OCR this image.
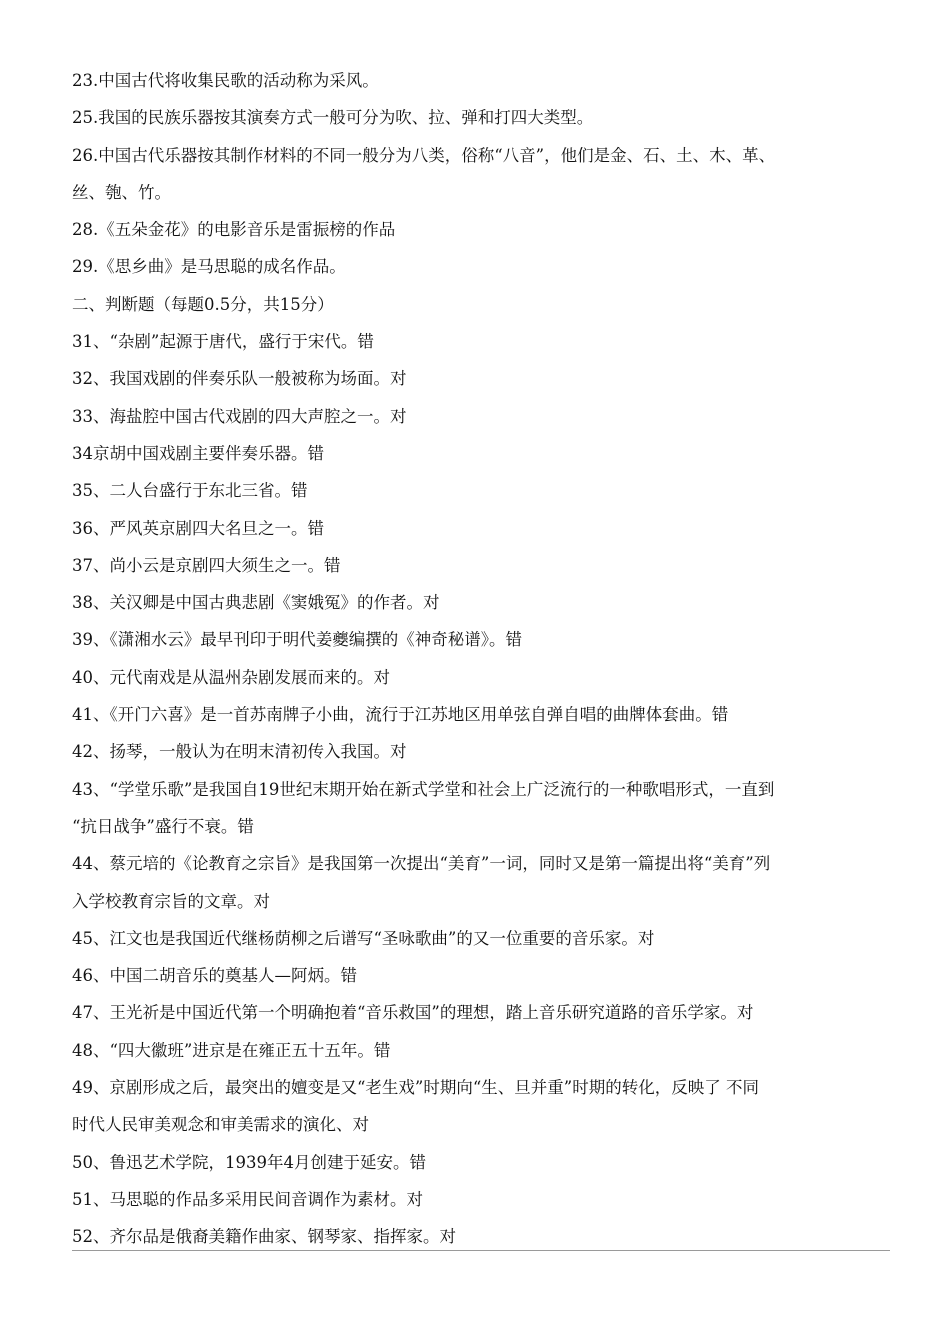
23.中国古代将收集民歌的活动称为采风。
25.我国的民族乐器按其演奏方式一般可分为吹、拉、弹和打四大类型。
26.中国古代乐器按其制作材料的不同一般分为八类，俗称“八音”，他们是金、石、土、木、革、
丝、匏、竹。
28.《五朵金花》的电影音乐是雷振榜的作品
29.《思乡曲》是马思聪的成名作品。
二、判断题（每题0.5分，共15分）
31、“杂剧”起源于唐代，盛行于宋代。错
32、我国戏剧的伴奏乐队一般被称为场面。对
33、海盐腔中国古代戏剧的四大声腔之一。对
34京胡中国戏剧主要伴奏乐器。错
35、二人台盛行于东北三省。错
36、严风英京剧四大名旦之一。错
37、尚小云是京剧四大须生之一。错
38、关汉卿是中国古典悲剧《窦娥冤》的作者。对
39、《潇湘水云》最早刊印于明代姜夔编撰的《神奇秘谱》。错
40、元代南戏是从温州杂剧发展而来的。对
41、《开门六喜》是一首苏南牌子小曲，流行于江苏地区用单弦自弹自唱的曲牌体套曲。错
42、扬琴，一般认为在明末清初传入我国。对
43、“学堂乐歌”是我国自19世纪末期开始在新式学堂和社会上广泛流行的一种歌唱形式，一直到
“抗日战争”盛行不衰。错
44、蔡元培的《论教育之宗旨》是我国第一次提出“美育”一词，同时又是第一篇提出将“美育”列
入学校教育宗旨的文章。对
45、江文也是我国近代继杨荫柳之后谱写“圣咏歌曲”的又一位重要的音乐家。对
46、中国二胡音乐的奠基人—阿炳。错
47、王光祈是中国近代第一个明确抱着“音乐救国”的理想，踏上音乐研究道路的音乐学家。对
48、“四大徽班”进京是在雍正五十五年。错
49、京剧形成之后，最突出的嬗变是又“老生戏”时期向“生、旦并重”时期的转化，反映了 不同
时代人民审美观念和审美需求的演化、对
50、鲁迅艺术学院，1939年4月创建于延安。错
51、马思聪的作品多采用民间音调作为素材。对
52、齐尔品是俄裔美籍作曲家、钢琴家、指挥家。对
